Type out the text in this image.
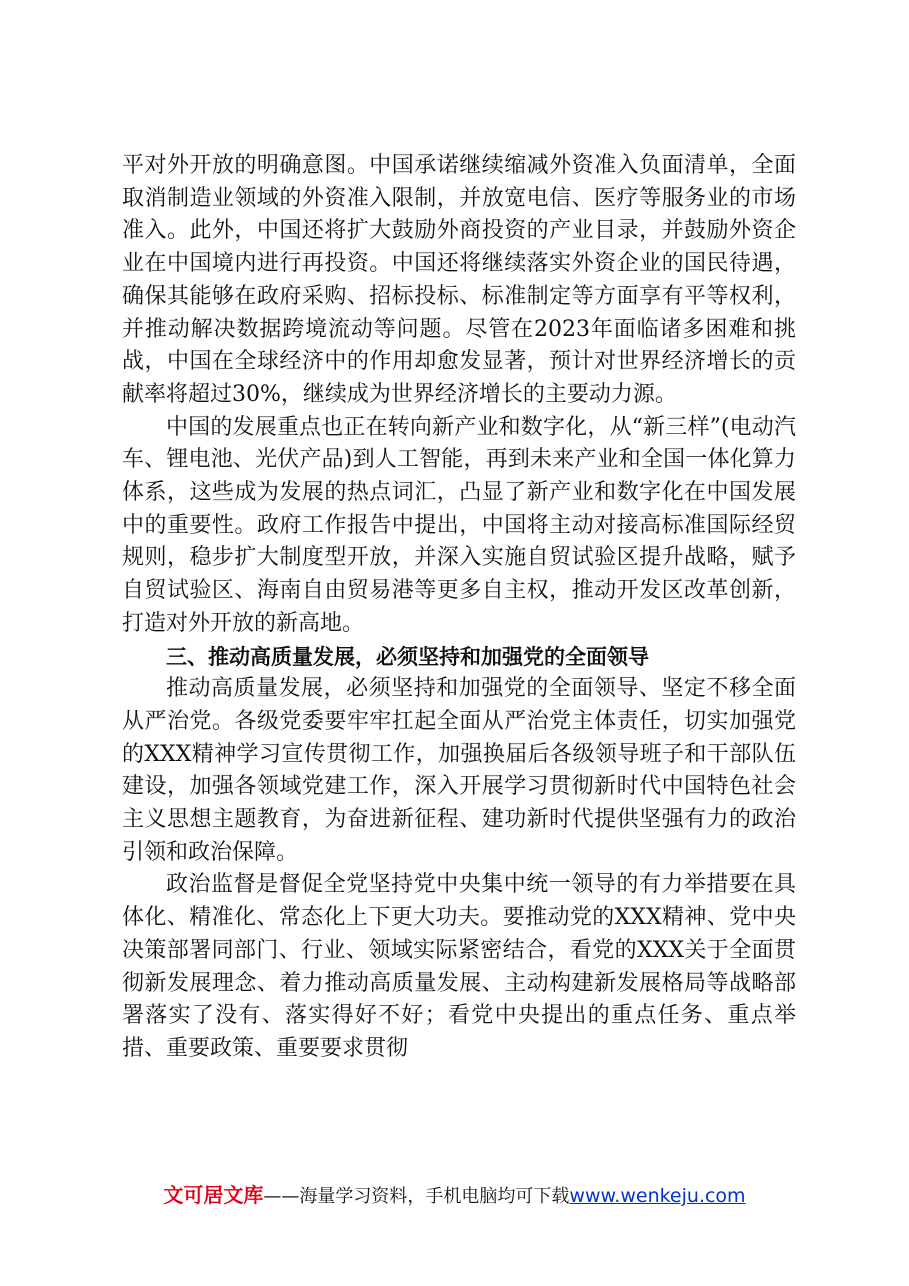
平对外开放的明确意图。中国承诺继续缩减外资准入负面清单，全面取消制造业领域的外资准入限制，并放宽电信、医疗等服务业的市场准入。此外，中国还将扩大鼓励外商投资的产业目录，并鼓励外资企业在中国境内进行再投资。中国还将继续落实外资企业的国民待遇，确保其能够在政府采购、招标投标、标准制定等方面享有平等权利，并推动解决数据跨境流动等问题。尽管在2023年面临诸多困难和挑战，中国在全球经济中的作用却愈发显著，预计对世界经济增长的贡献率将超过30%，继续成为世界经济增长的主要动力源。

中国的发展重点也正在转向新产业和数字化，从“新三样”(电动汽车、锂电池、光伏产品)到人工智能，再到未来产业和全国一体化算力体系，这些成为发展的热点词汇，凸显了新产业和数字化在中国发展中的重要性。政府工作报告中提出，中国将主动对接高标准国际经贸规则，稳步扩大制度型开放，并深入实施自贸试验区提升战略，赋予自贸试验区、海南自由贸易港等更多自主权，推动开发区改革创新，打造对外开放的新高地。

三、推动高质量发展，必须坚持和加强党的全面领导

推动高质量发展，必须坚持和加强党的全面领导、坚定不移全面从严治党。各级党委要牢牢扛起全面从严治党主体责任，切实加强党的XXX精神学习宣传贯彻工作，加强换届后各级领导班子和干部队伍建设，加强各领域党建工作，深入开展学习贯彻新时代中国特色社会主义思想主题教育，为奋进新征程、建功新时代提供坚强有力的政治引领和政治保障。

政治监督是督促全党坚持党中央集中统一领导的有力举措要在具体化、精准化、常态化上下更大功夫。要推动党的XXX精神、党中央决策部署同部门、行业、领域实际紧密结合，看党的XXX关于全面贯彻新发展理念、着力推动高质量发展、主动构建新发展格局等战略部署落实了没有、落实得好不好；看党中央提出的重点任务、重点举措、重要政策、重要要求贯彻

文可居文库——海量学习资料，手机电脑均可下载www.wenkeju.com
